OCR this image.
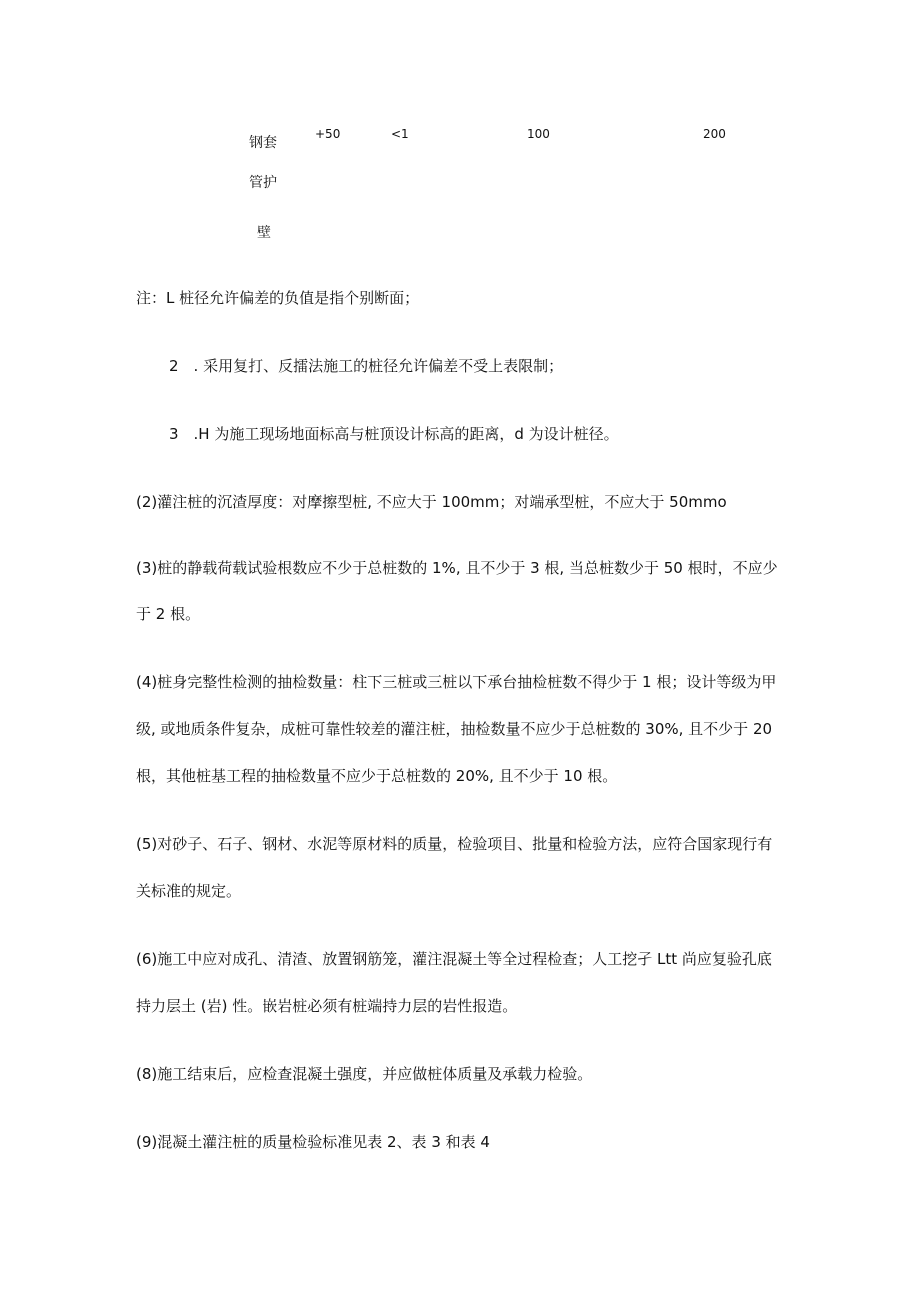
钢套
管护
壁
+50	<1	100	200
注：L 桩径允许偏差的负值是指个别断面；
2　. 采用复打、反擂法施工的桩径允许偏差不受上表限制；
3　.H 为施工现场地面标高与桩顶设计标高的距离，d 为设计桩径。
(2)灌注桩的沉渣厚度：对摩擦型桩, 不应大于 100mm；对端承型桩，不应大于 50mmo
(3)桩的静载荷载试验根数应不少于总桩数的 1%, 且不少于 3 根, 当总桩数少于 50 根时，不应少
于 2 根。
(4)桩身完整性检测的抽检数量：柱下三桩或三桩以下承台抽检桩数不得少于 1 根；设计等级为甲
级, 或地质条件复杂，成桩可靠性较差的灌注桩，抽检数量不应少于总桩数的 30%, 且不少于 20
根，其他桩基工程的抽检数量不应少于总桩数的 20%, 且不少于 10 根。
(5)对砂子、石子、钢材、水泥等原材料的质量，检验项目、批量和检验方法，应符合国家现行有
关标准的规定。
(6)施工中应对成孔、清渣、放置钢筋笼，灌注混凝土等全过程检查；人工挖孑 Ltt 尚应复验孔底
持力层土 (岩) 性。嵌岩桩必须有桩端持力层的岩性报造。
(8)施工结束后，应检查混凝土强度，并应做桩体质量及承载力检验。
(9)混凝土灌注桩的质量检验标准见表 2、表 3 和表 4
